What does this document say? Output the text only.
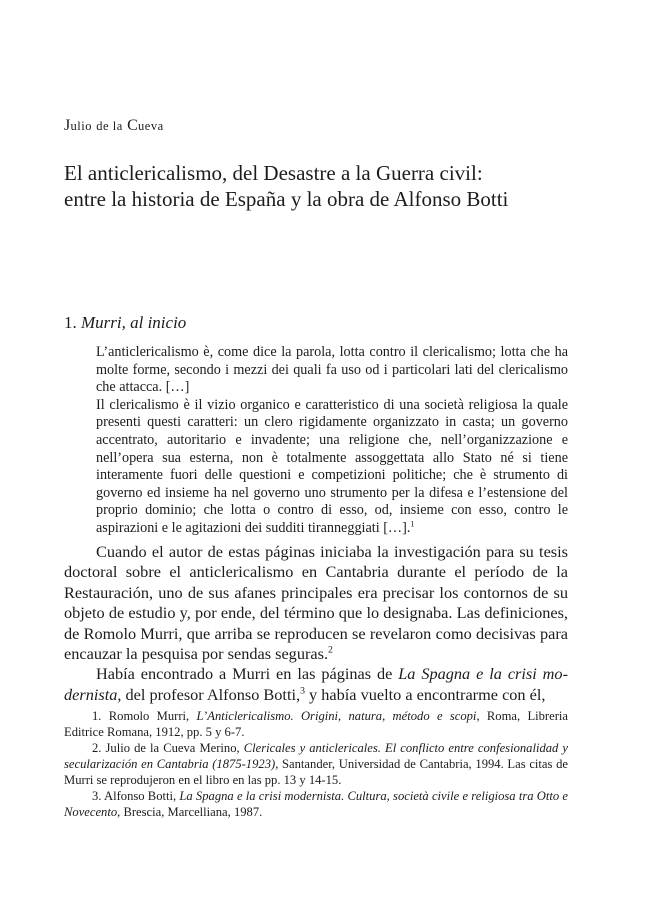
Julio de la Cueva
El anticlericalismo, del Desastre a la Guerra civil:
entre la historia de España y la obra de Alfonso Botti
1. Murri, al inicio

L’anticlericalismo è, come dice la parola, lotta contro il clericalismo; lotta che ha molte forme, secondo i mezzi dei quali fa uso od i particolari lati del clericalismo che attacca. […]

Il clericalismo è il vizio organico e caratteristico di una società religiosa la quale presenti questi caratteri: un clero rigidamente organizzato in casta; un governo accentrato, autoritario e invadente; una religione che, nell’organizzazione e nell’opera sua esterna, non è totalmente assoggettata allo Stato né si tiene interamente fuori delle questioni e competizioni politiche; che è strumento di governo ed insieme ha nel governo uno strumento per la difesa e l’estensione del proprio dominio; che lotta o contro di esso, od, insieme con esso, contro le aspirazioni e le agitazioni dei sudditi tiranneggiati […].$^1$

Cuando el autor de estas páginas iniciaba la investigación para su tesis doctoral sobre el anticlericalismo en Cantabria durante el período de la Restauración, uno de sus afanes principales era precisar los contornos de su objeto de estudio y, por ende, del término que lo designaba. Las definiciones, de Romolo Murri, que arriba se reproducen se revelaron como decisivas para encauzar la pesquisa por sendas seguras.$^2$

Había encontrado a Murri en las páginas de La Spagna e la crisi modernista, del profesor Alfonso Botti,$^3$ y había vuelto a encontrarme con él,

1. Romolo Murri, L’Anticlericalismo. Origini, natura, método e scopi, Roma, Libreria Editrice Romana, 1912, pp. 5 y 6-7.

2. Julio de la Cueva Merino, Clericales y anticlericales. El conflicto entre confesionalidad y secularización en Cantabria (1875-1923), Santander, Universidad de Cantabria, 1994. Las citas de Murri se reprodujeron en el libro en las pp. 13 y 14-15.

3. Alfonso Botti, La Spagna e la crisi modernista. Cultura, società civile e religiosa tra Otto e Novecento, Brescia, Marcelliana, 1987.
